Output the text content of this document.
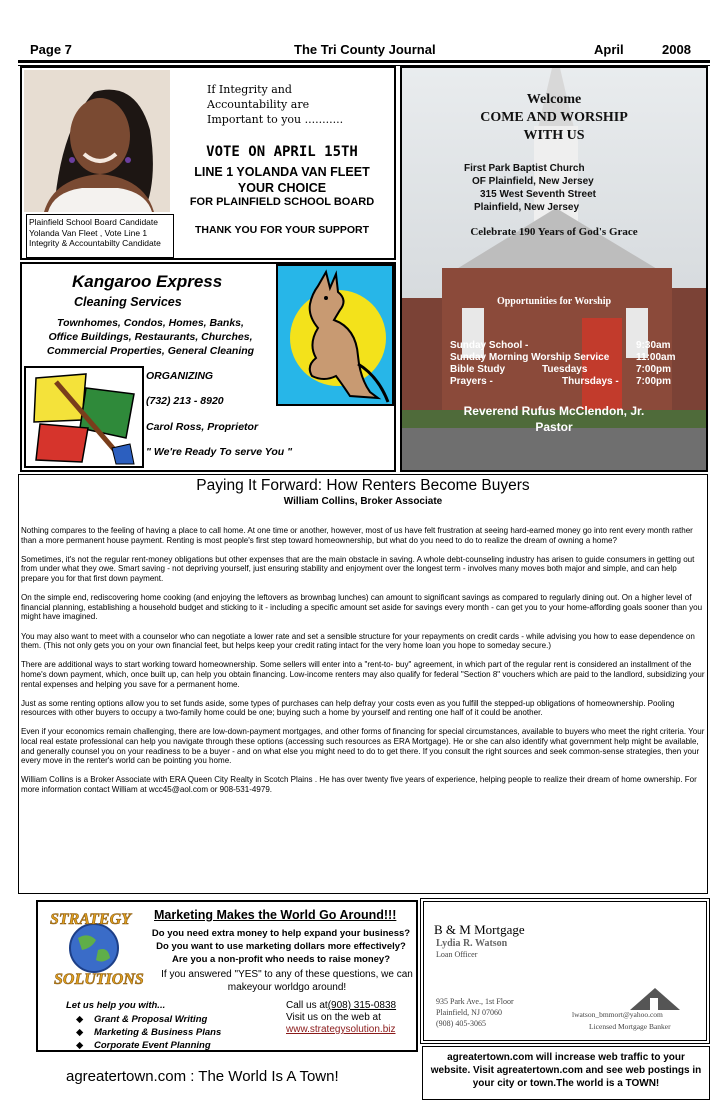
Page 7	The Tri County Journal	April	2008
Plainfield School Board Candidate
Yolanda Van Fleet , Vote Line 1
Integrity & Accountabilty Candidate
If Integrity and
Accountability are
Important to you ...........
VOTE ON APRIL 15TH
LINE 1 YOLANDA VAN FLEET
YOUR CHOICE
FOR PLAINFIELD SCHOOL BOARD
THANK YOU FOR YOUR SUPPORT
Welcome
COME AND WORSHIP
WITH US
First Park Baptist Church
OF Plainfield, New Jersey
315 West Seventh Street
Plainfield, New Jersey
Celebrate 190 Years of God's Grace
Opportunities for Worship
Sunday School -	9:30am
Sunday Morning Worship Service	11:00am
Bible Study	Tuesdays	7:00pm
Prayers -	Thursdays - 7:00pm
Reverend Rufus McClendon, Jr.
Pastor
Kangaroo Express
Cleaning Services
Townhomes, Condos, Homes, Banks,
Office Buildings, Restaurants, Churches,
Commercial Properties, General Cleaning
ORGANIZING
(732) 213 - 8920
Carol Ross, Proprietor
" We're Ready To serve You "
Paying It Forward: How Renters Become Buyers
William Collins, Broker Associate

Nothing compares to the feeling of having a place to call home. At one time or another, however, most of us have felt frustration at seeing hard-earned money go into rent every month rather than a more permanent house payment. Renting is most people's first step toward homeownership, but what do you need to do to realize the dream of owning a home?

Sometimes, it's not the regular rent-money obligations but other expenses that are the main obstacle in saving. A whole debt-counseling industry has arisen to guide consumers in getting out from under what they owe. Smart saving - not depriving yourself, just ensuring stability and enjoyment over the longest term - involves many moves both major and simple, and can help prepare you for that first down payment.

On the simple end, rediscovering home cooking (and enjoying the leftovers as brownbag lunches) can amount to significant savings as compared to regularly dining out. On a higher level of financial planning, establishing a household budget and sticking to it - including a specific amount set aside for savings every month - can get you to your home-affording goals sooner than you might have imagined.

You may also want to meet with a counselor who can negotiate a lower rate and set a sensible structure for your repayments on credit cards - while advising you how to ease dependence on them. (This not only gets you on your own financial feet, but helps keep your credit rating intact for the very home loan you hope to someday secure.)

There are additional ways to start working toward homeownership. Some sellers will enter into a "rent-to- buy" agreement, in which part of the regular rent is considered an installment of the home's down payment, which, once built up, can help you obtain financing. Low-income renters may also qualify for federal "Section 8" vouchers which are paid to the landlord, subsidizing your rental expenses and helping you save for a permanent home.

Just as some renting options allow you to set funds aside, some types of purchases can help defray your costs even as you fulfill the stepped-up obligations of homeownership. Pooling resources with other buyers to occupy a two-family home could be one; buying such a home by yourself and renting one half of it could be another.

Even if your economics remain challenging, there are low-down-payment mortgages, and other forms of financing for special circumstances, available to buyers who meet the right criteria. Your local real estate professional can help you navigate through these options (accessing such resources as ERA Mortgage). He or she can also identify what government help might be available, and generally counsel you on your readiness to be a buyer - and on what else you might need to do to get there. If you consult the right sources and seek common-sense strategies, then your every move in the renter's world can be pointing you home.

William Collins is a Broker Associate with ERA Queen City Realty in Scotch Plains . He has over twenty five years of experience, helping people to realize their dream of home ownership. For more information contact William at wcc45@aol.com or 908-531-4979.

STRATEGY
SOLUTIONS
Marketing Makes the World Go Around!!!
Do you need extra money to help expand your business?
Do you want to use marketing dollars more effectively?
Are you a non-profit who needs to raise money?
If you answered "YES" to any of these questions, we can
makeyour worldgo around!
Let us help you with...
◆ Grant & Proposal Writing
◆ Marketing & Business Plans
◆ Corporate Event Planning
Call us at(908) 315-0838
Visit us on the web at
www.strategysolution.biz
agreatertown.com : The World Is A Town!
B & M Mortgage
Lydia R. Watson
Loan Officer
935 Park Ave., 1st Floor
Plainfield, NJ 07060
(908) 405-3065
lwatson_bmmort@yahoo.com
Licensed Mortgage Banker
agreatertown.com will increase web traffic to your website. Visit agreatertown.com and see web postings in your city or town.The world is a TOWN!
